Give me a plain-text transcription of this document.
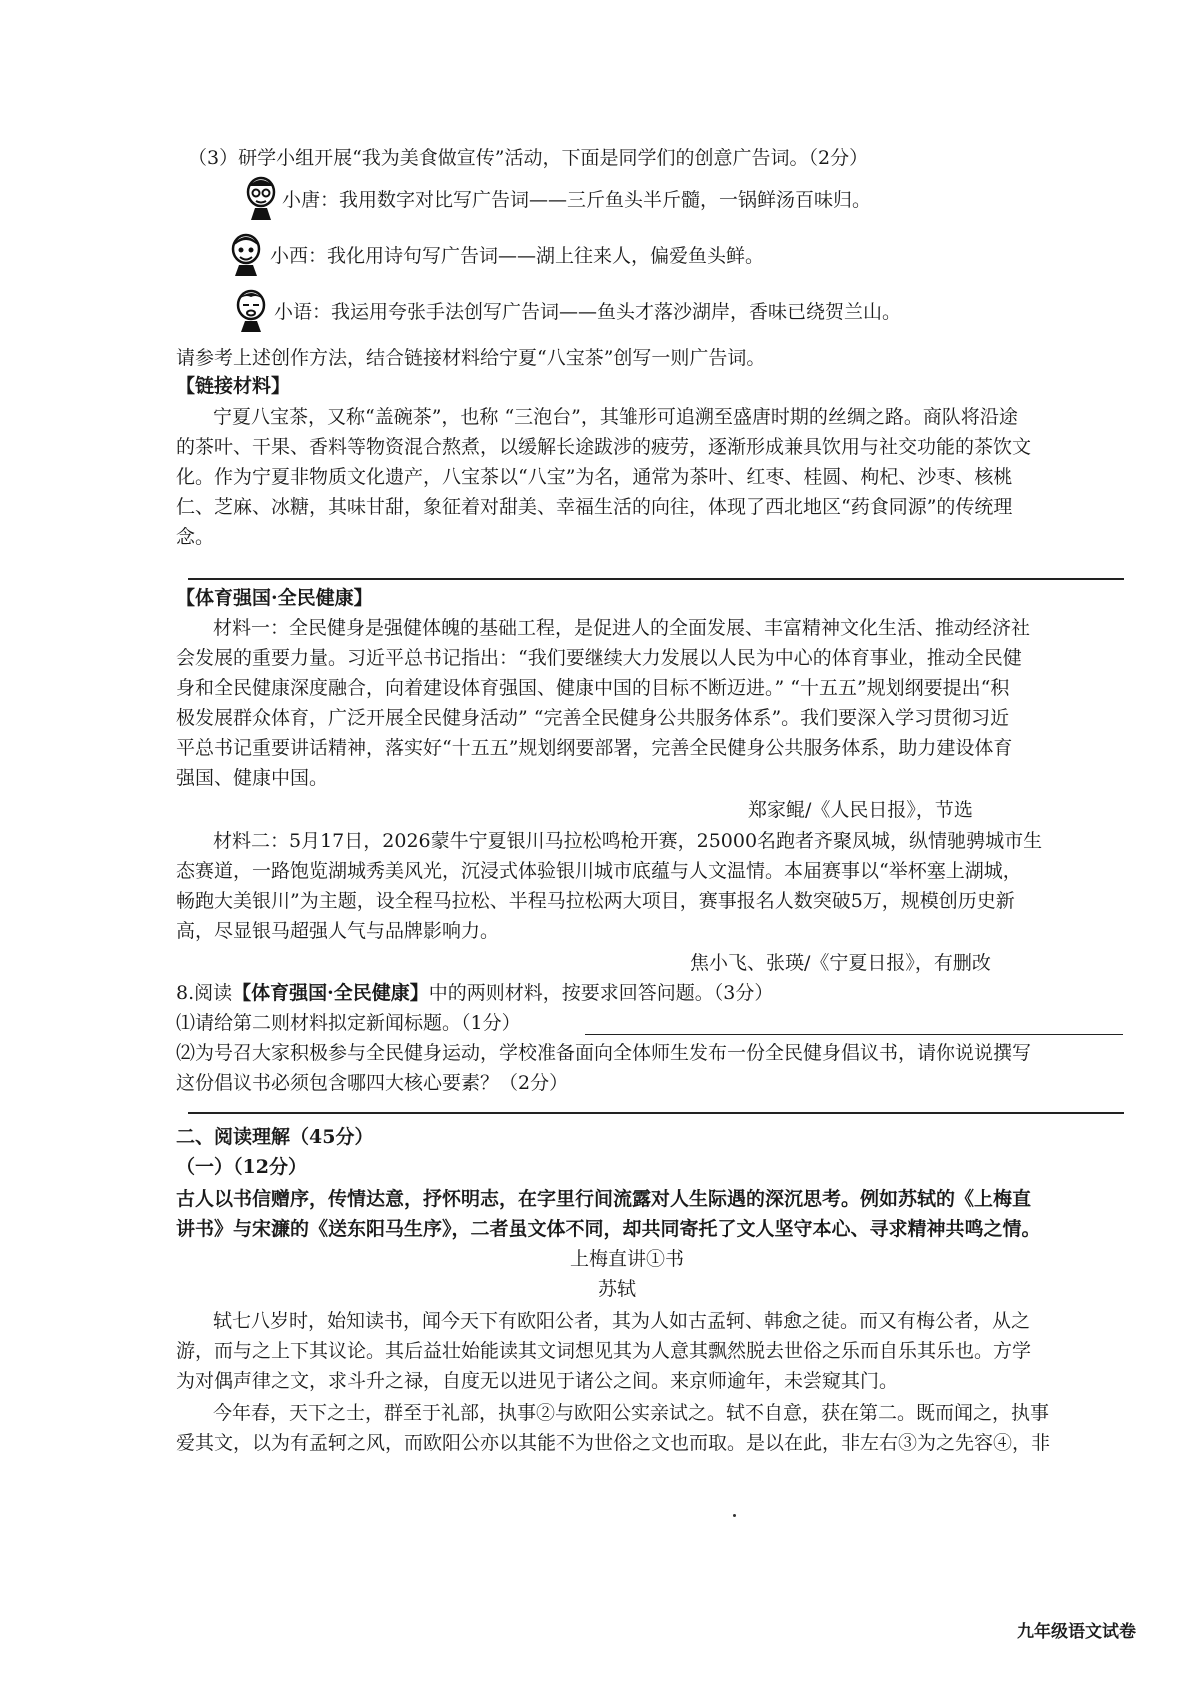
（3）研学小组开展“我为美食做宣传”活动，下面是同学们的创意广告词。（2分）
小唐：我用数字对比写广告词——三斤鱼头半斤髓，一锅鲜汤百味归。
小西：我化用诗句写广告词——湖上往来人，偏爱鱼头鲜。
小语：我运用夸张手法创写广告词——鱼头才落沙湖岸，香味已绕贺兰山。
请参考上述创作方法，结合链接材料给宁夏“八宝茶”创写一则广告词。
【链接材料】
宁夏八宝茶，又称“盖碗茶”，也称 “三泡台”，其雏形可追溯至盛唐时期的丝绸之路。商队将沿途
的茶叶、干果、香料等物资混合熬煮，以缓解长途跋涉的疲劳，逐渐形成兼具饮用与社交功能的茶饮文
化。作为宁夏非物质文化遗产，八宝茶以“八宝”为名，通常为茶叶、红枣、桂圆、枸杞、沙枣、核桃
仁、芝麻、冰糖，其味甘甜，象征着对甜美、幸福生活的向往，体现了西北地区“药食同源”的传统理
念。
【体育强国·全民健康】
材料一：全民健身是强健体魄的基础工程，是促进人的全面发展、丰富精神文化生活、推动经济社
会发展的重要力量。习近平总书记指出：“我们要继续大力发展以人民为中心的体育事业，推动全民健
身和全民健康深度融合，向着建设体育强国、健康中国的目标不断迈进。” “十五五”规划纲要提出“积
极发展群众体育，广泛开展全民健身活动” “完善全民健身公共服务体系”。我们要深入学习贯彻习近
平总书记重要讲话精神，落实好“十五五”规划纲要部署，完善全民健身公共服务体系，助力建设体育
强国、健康中国。
郑家鲲/《人民日报》，节选
材料二：5月17日，2026蒙牛宁夏银川马拉松鸣枪开赛，25000名跑者齐聚凤城，纵情驰骋城市生
态赛道，一路饱览湖城秀美风光，沉浸式体验银川城市底蕴与人文温情。本届赛事以“举杯塞上湖城，
畅跑大美银川”为主题，设全程马拉松、半程马拉松两大项目，赛事报名人数突破5万，规模创历史新
高，尽显银马超强人气与品牌影响力。
焦小飞、张瑛/《宁夏日报》，有删改
8.阅读【体育强国·全民健康】中的两则材料，按要求回答问题。（3分）
⑴请给第二则材料拟定新闻标题。（1分）
⑵为号召大家积极参与全民健身运动，学校准备面向全体师生发布一份全民健身倡议书，请你说说撰写
这份倡议书必须包含哪四大核心要素？（2分）
二、阅读理解（45分）
（一）（12分）
古人以书信赠序，传情达意，抒怀明志，在字里行间流露对人生际遇的深沉思考。例如苏轼的《上梅直
讲书》与宋濂的《送东阳马生序》，二者虽文体不同，却共同寄托了文人坚守本心、寻求精神共鸣之情。
上梅直讲①书
苏轼
轼七八岁时，始知读书，闻今天下有欧阳公者，其为人如古孟轲、韩愈之徒。而又有梅公者，从之
游，而与之上下其议论。其后益壮始能读其文词想见其为人意其飘然脱去世俗之乐而自乐其乐也。方学
为对偶声律之文，求斗升之禄，自度无以进见于诸公之间。来京师逾年，未尝窥其门。
今年春，天下之士，群至于礼部，执事②与欧阳公实亲试之。轼不自意，获在第二。既而闻之，执事
爱其文，以为有孟轲之风，而欧阳公亦以其能不为世俗之文也而取。是以在此，非左右③为之先容④，非
九年级语文试卷
